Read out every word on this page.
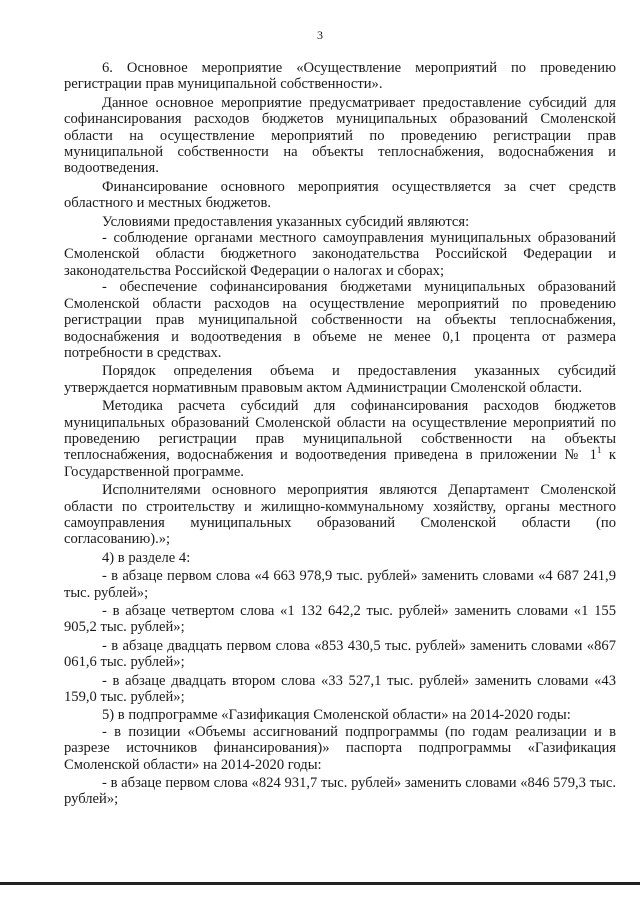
3

6. Основное мероприятие «Осуществление мероприятий по проведению регистрации прав муниципальной собственности».

Данное основное мероприятие предусматривает предоставление субсидий для софинансирования расходов бюджетов муниципальных образований Смоленской области на осуществление мероприятий по проведению регистрации прав муниципальной собственности на объекты теплоснабжения, водоснабжения и водоотведения.

Финансирование основного мероприятия осуществляется за счет средств областного и местных бюджетов.

Условиями предоставления указанных субсидий являются:

- соблюдение органами местного самоуправления муниципальных образований Смоленской области бюджетного законодательства Российской Федерации и законодательства Российской Федерации о налогах и сборах;

- обеспечение софинансирования бюджетами муниципальных образований Смоленской области расходов на осуществление мероприятий по проведению регистрации прав муниципальной собственности на объекты теплоснабжения, водоснабжения и водоотведения в объеме не менее 0,1 процента от размера потребности в средствах.

Порядок определения объема и предоставления указанных субсидий утверждается нормативным правовым актом Администрации Смоленской области.

Методика расчета субсидий для софинансирования расходов бюджетов муниципальных образований Смоленской области на осуществление мероприятий по проведению регистрации прав муниципальной собственности на объекты теплоснабжения, водоснабжения и водоотведения приведена в приложении № $1^1$ к Государственной программе.

Исполнителями основного мероприятия являются Департамент Смоленской области по строительству и жилищно-коммунальному хозяйству, органы местного самоуправления муниципальных образований Смоленской области (по согласованию).»;

4) в разделе 4:

- в абзаце первом слова «4 663 978,9 тыс. рублей» заменить словами «4 687 241,9 тыс. рублей»;

- в абзаце четвертом слова «1 132 642,2 тыс. рублей» заменить словами «1 155 905,2 тыс. рублей»;

- в абзаце двадцать первом слова «853 430,5 тыс. рублей» заменить словами «867 061,6 тыс. рублей»;

- в абзаце двадцать втором слова «33 527,1 тыс. рублей» заменить словами «43 159,0 тыс. рублей»;

5) в подпрограмме «Газификация Смоленской области» на 2014-2020 годы:

- в позиции «Объемы ассигнований подпрограммы (по годам реализации и в разрезе источников финансирования)» паспорта подпрограммы «Газификация Смоленской области» на 2014-2020 годы:

- в абзаце первом слова «824 931,7 тыс. рублей» заменить словами «846 579,3 тыс. рублей»;
